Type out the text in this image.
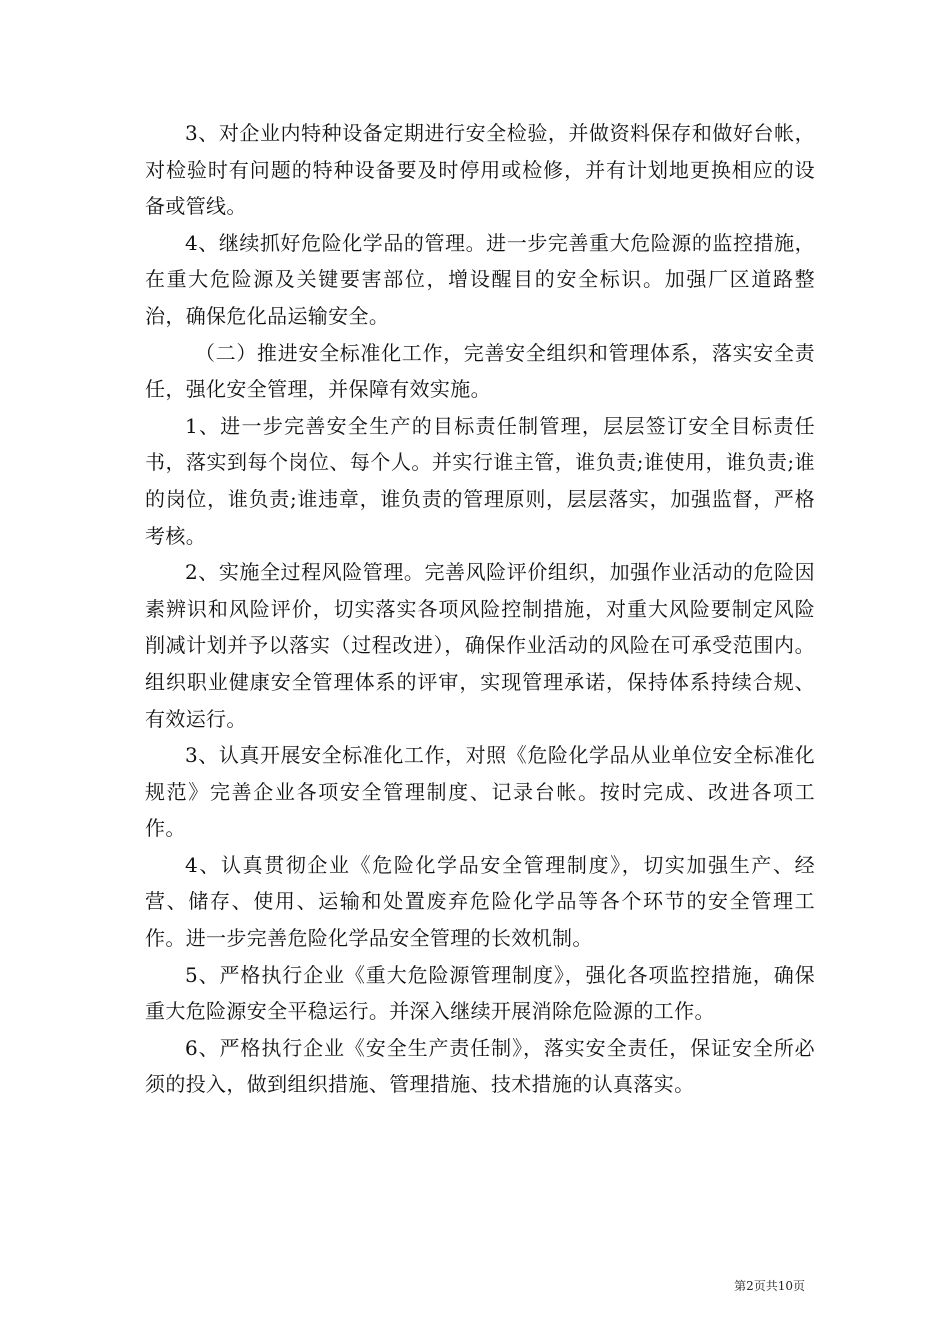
3、对企业内特种设备定期进行安全检验，并做资料保存和做好台帐，对检验时有问题的特种设备要及时停用或检修，并有计划地更换相应的设备或管线。

4、继续抓好危险化学品的管理。进一步完善重大危险源的监控措施，在重大危险源及关键要害部位，增设醒目的安全标识。加强厂区道路整治，确保危化品运输安全。

（二）推进安全标准化工作，完善安全组织和管理体系，落实安全责任，强化安全管理，并保障有效实施。

1、进一步完善安全生产的目标责任制管理，层层签订安全目标责任书，落实到每个岗位、每个人。并实行谁主管，谁负责;谁使用，谁负责;谁的岗位，谁负责;谁违章，谁负责的管理原则，层层落实，加强监督，严格考核。

2、实施全过程风险管理。完善风险评价组织，加强作业活动的危险因素辨识和风险评价，切实落实各项风险控制措施，对重大风险要制定风险削减计划并予以落实（过程改进），确保作业活动的风险在可承受范围内。组织职业健康安全管理体系的评审，实现管理承诺，保持体系持续合规、有效运行。

3、认真开展安全标准化工作，对照《危险化学品从业单位安全标准化规范》完善企业各项安全管理制度、记录台帐。按时完成、改进各项工作。

4、认真贯彻企业《危险化学品安全管理制度》，切实加强生产、经营、储存、使用、运输和处置废弃危险化学品等各个环节的安全管理工作。进一步完善危险化学品安全管理的长效机制。

5、严格执行企业《重大危险源管理制度》，强化各项监控措施，确保重大危险源安全平稳运行。并深入继续开展消除危险源的工作。

6、严格执行企业《安全生产责任制》，落实安全责任，保证安全所必须的投入，做到组织措施、管理措施、技术措施的认真落实。

第2页共10页
